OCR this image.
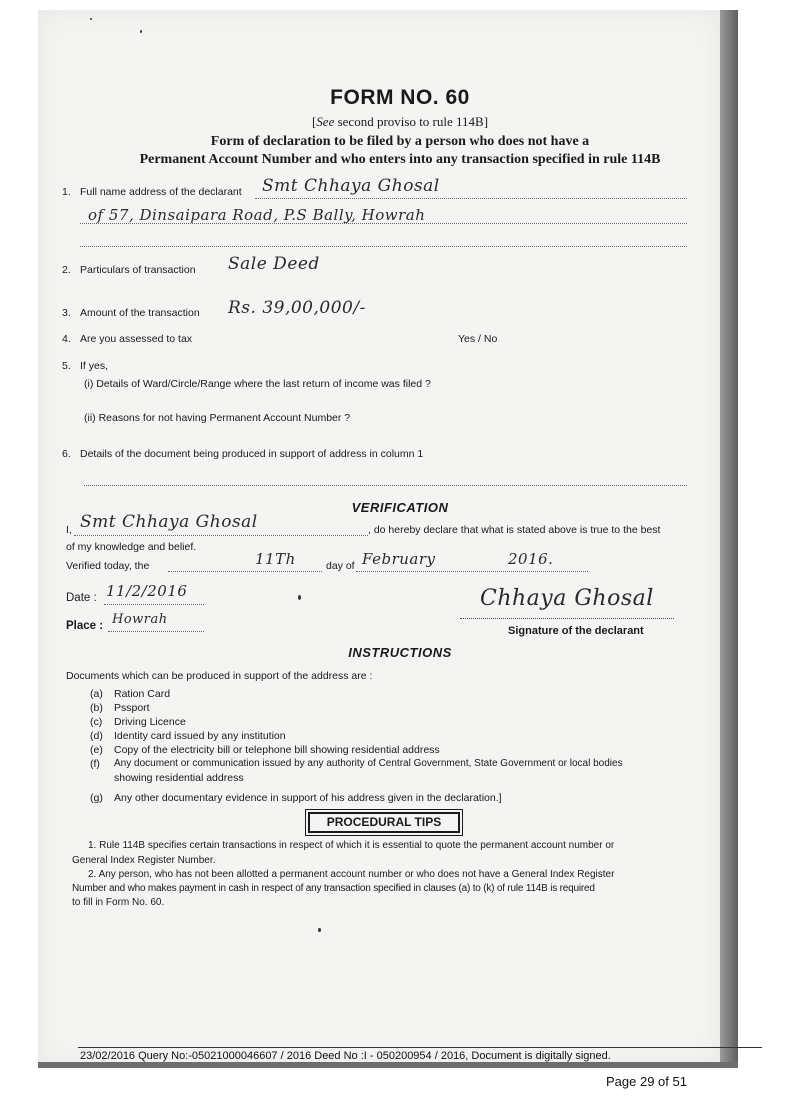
FORM NO. 60
[See second proviso to rule 114B]
Form of declaration to be filed by a person who does not have a
Permanent Account Number and who enters into any transaction specified in rule 114B
1. Full name address of the declarant Smt Chhaya Ghosal
of 57, Dinsaipara Road, P.S Bally, Howrah
2. Particulars of transaction Sale Deed
3. Amount of the transaction Rs. 39,00,000/-
4. Are you assessed to tax	Yes / No
5. If yes,
(i) Details of Ward/Circle/Range where the last return of income was filed ?
(ii) Reasons for not having Permanent Account Number ?
6. Details of the document being produced in support of address in column 1
VERIFICATION
I, Smt Chhaya Ghosal	, do hereby declare that what is stated above is true to the best
of my knowledge and belief.
Verified today, the	11Th	day of February	2016.
Date : 11/2/2016
Place : Howrah
Chhaya Ghosal
Signature of the declarant
INSTRUCTIONS
Documents which can be produced in support of the address are :
(a) Ration Card
(b) Pssport
(c) Driving Licence
(d) Identity card issued by any institution
(e) Copy of the electricity bill or telephone bill showing residential address
(f) Any document or communication issued by any authority of Central Government, State Government or local bodies
showing residential address
(g) Any other documentary evidence in support of his address given in the declaration.]
PROCEDURAL TIPS
1. Rule 114B specifies certain transactions in respect of which it is essential to quote the permanent account number or
General Index Register Number.
2. Any person, who has not been allotted a permanent account number or who does not have a General Index Register
Number and who makes payment in cash in respect of any transaction specified in clauses (a) to (k) of rule 114B is required
to fill in Form No. 60.
23/02/2016 Query No:-05021000046607 / 2016 Deed No :I - 050200954 / 2016, Document is digitally signed.
Page 29 of 51
